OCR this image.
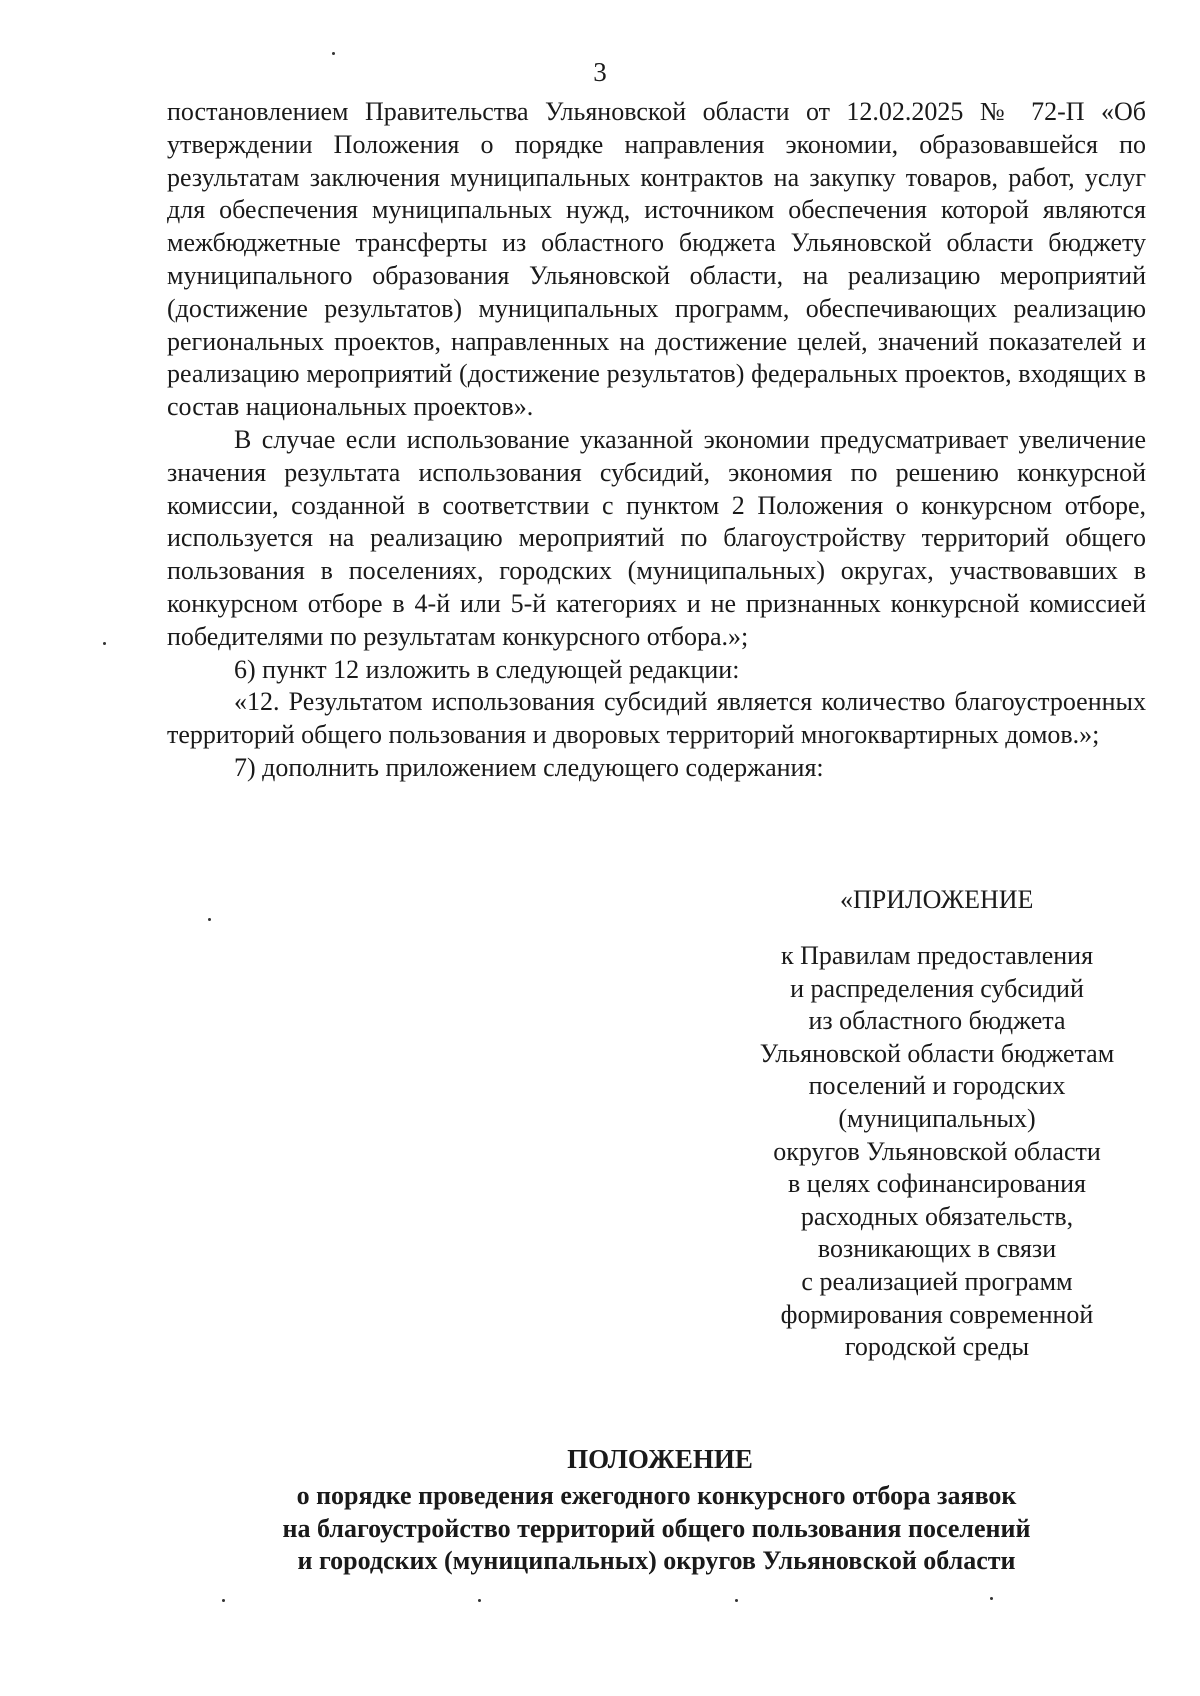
3

постановлением Правительства Ульяновской области от 12.02.2025 № 72-П «Об утверждении Положения о порядке направления экономии, образовавшейся по результатам заключения муниципальных контрактов на закупку товаров, работ, услуг для обеспечения муниципальных нужд, источником обеспечения которой являются межбюджетные трансферты из областного бюджета Ульяновской области бюджету муниципального образования Ульяновской области, на реализацию мероприятий (достижение результатов) муниципальных программ, обеспечивающих реализацию региональных проектов, направленных на достижение целей, значений показателей и реализацию мероприятий (достижение результатов) федеральных проектов, входящих в состав национальных проектов».

В случае если использование указанной экономии предусматривает увеличение значения результата использования субсидий, экономия по решению конкурсной комиссии, созданной в соответствии с пунктом 2 Положения о конкурсном отборе, используется на реализацию мероприятий по благоустройству территорий общего пользования в поселениях, городских (муниципальных) округах, участвовавших в конкурсном отборе в 4-й или 5-й категориях и не признанных конкурсной комиссией победителями по результатам конкурсного отбора.»;

6) пункт 12 изложить в следующей редакции:

«12. Результатом использования субсидий является количество благоустроенных территорий общего пользования и дворовых территорий многоквартирных домов.»;

7) дополнить приложением следующего содержания:

«ПРИЛОЖЕНИЕ
к Правилам предоставления
и распределения субсидий
из областного бюджета
Ульяновской области бюджетам
поселений и городских
(муниципальных)
округов Ульяновской области
в целях софинансирования
расходных обязательств,
возникающих в связи
с реализацией программ
формирования современной
городской среды
ПОЛОЖЕНИЕ
о порядке проведения ежегодного конкурсного отбора заявок
на благоустройство территорий общего пользования поселений
и городских (муниципальных) округов Ульяновской области
